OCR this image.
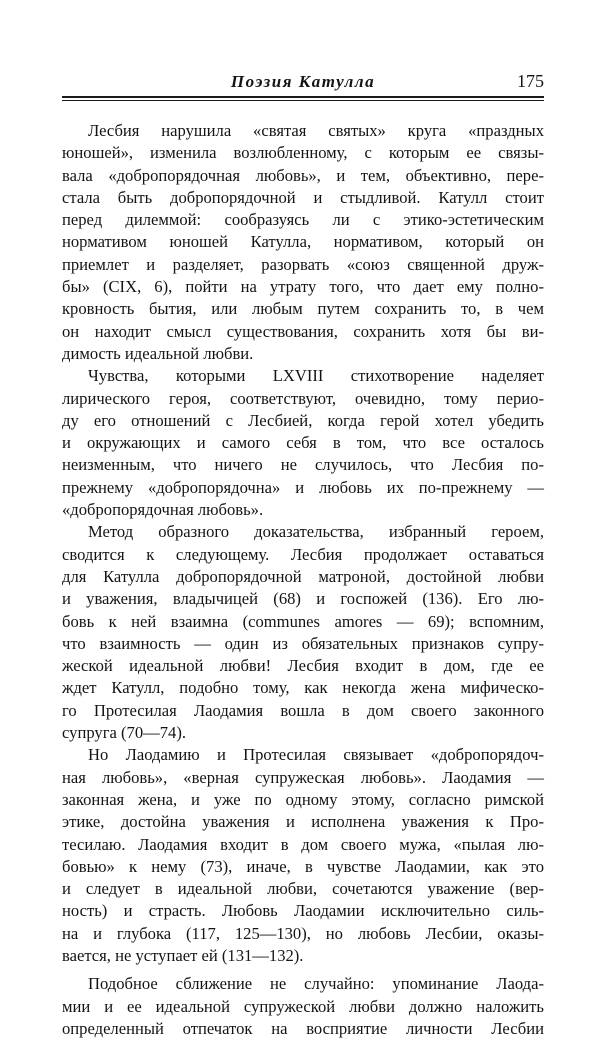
Поэзия Катулла	175
Лесбия нарушила «святая святых» круга «праздных
юношей», изменила возлюбленному, с которым ее связы-
вала «добропорядочная любовь», и тем, объективно, пере-
стала быть добропорядочной и стыдливой. Катулл стоит
перед дилеммой: сообразуясь ли с этико-эстетическим
нормативом юношей Катулла, нормативом, который он
приемлет и разделяет, разорвать «союз священной друж-
бы» (CIX, 6), пойти на утрату того, что дает ему полно-
кровность бытия, или любым путем сохранить то, в чем
он находит смысл существования, сохранить хотя бы ви-
димость идеальной любви.
Чувства, которыми LXVIII стихотворение наделяет
лирического героя, соответствуют, очевидно, тому перио-
ду его отношений с Лесбией, когда герой хотел убедить
и окружающих и самого себя в том, что все осталось
неизменным, что ничего не случилось, что Лесбия по-
прежнему «добропорядочна» и любовь их по-прежнему —
«добропорядочная любовь».
Метод образного доказательства, избранный героем,
сводится к следующему. Лесбия продолжает оставаться
для Катулла добропорядочной матроной, достойной любви
и уважения, владычицей (68) и госпожей (136). Его лю-
бовь к ней взаимна (communes amores — 69); вспомним,
что взаимность — один из обязательных признаков супру-
жеской идеальной любви! Лесбия входит в дом, где ее
ждет Катулл, подобно тому, как некогда жена мифическо-
го Протесилая Лаодамия вошла в дом своего законного
супруга (70—74).
Но Лаодамию и Протесилая связывает «добропорядоч-
ная любовь», «верная супружеская любовь». Лаодамия —
законная жена, и уже по одному этому, согласно римской
этике, достойна уважения и исполнена уважения к Про-
тесилаю. Лаодамия входит в дом своего мужа, «пылая лю-
бовью» к нему (73), иначе, в чувстве Лаодамии, как это
и следует в идеальной любви, сочетаются уважение (вер-
ность) и страсть. Любовь Лаодамии исключительно силь-
на и глубока (117, 125—130), но любовь Лесбии, оказы-
вается, не уступает ей (131—132).
Подобное сближение не случайно: упоминание Лаода-
мии и ее идеальной супружеской любви должно наложить
определенный отпечаток на восприятие личности Лесбии
